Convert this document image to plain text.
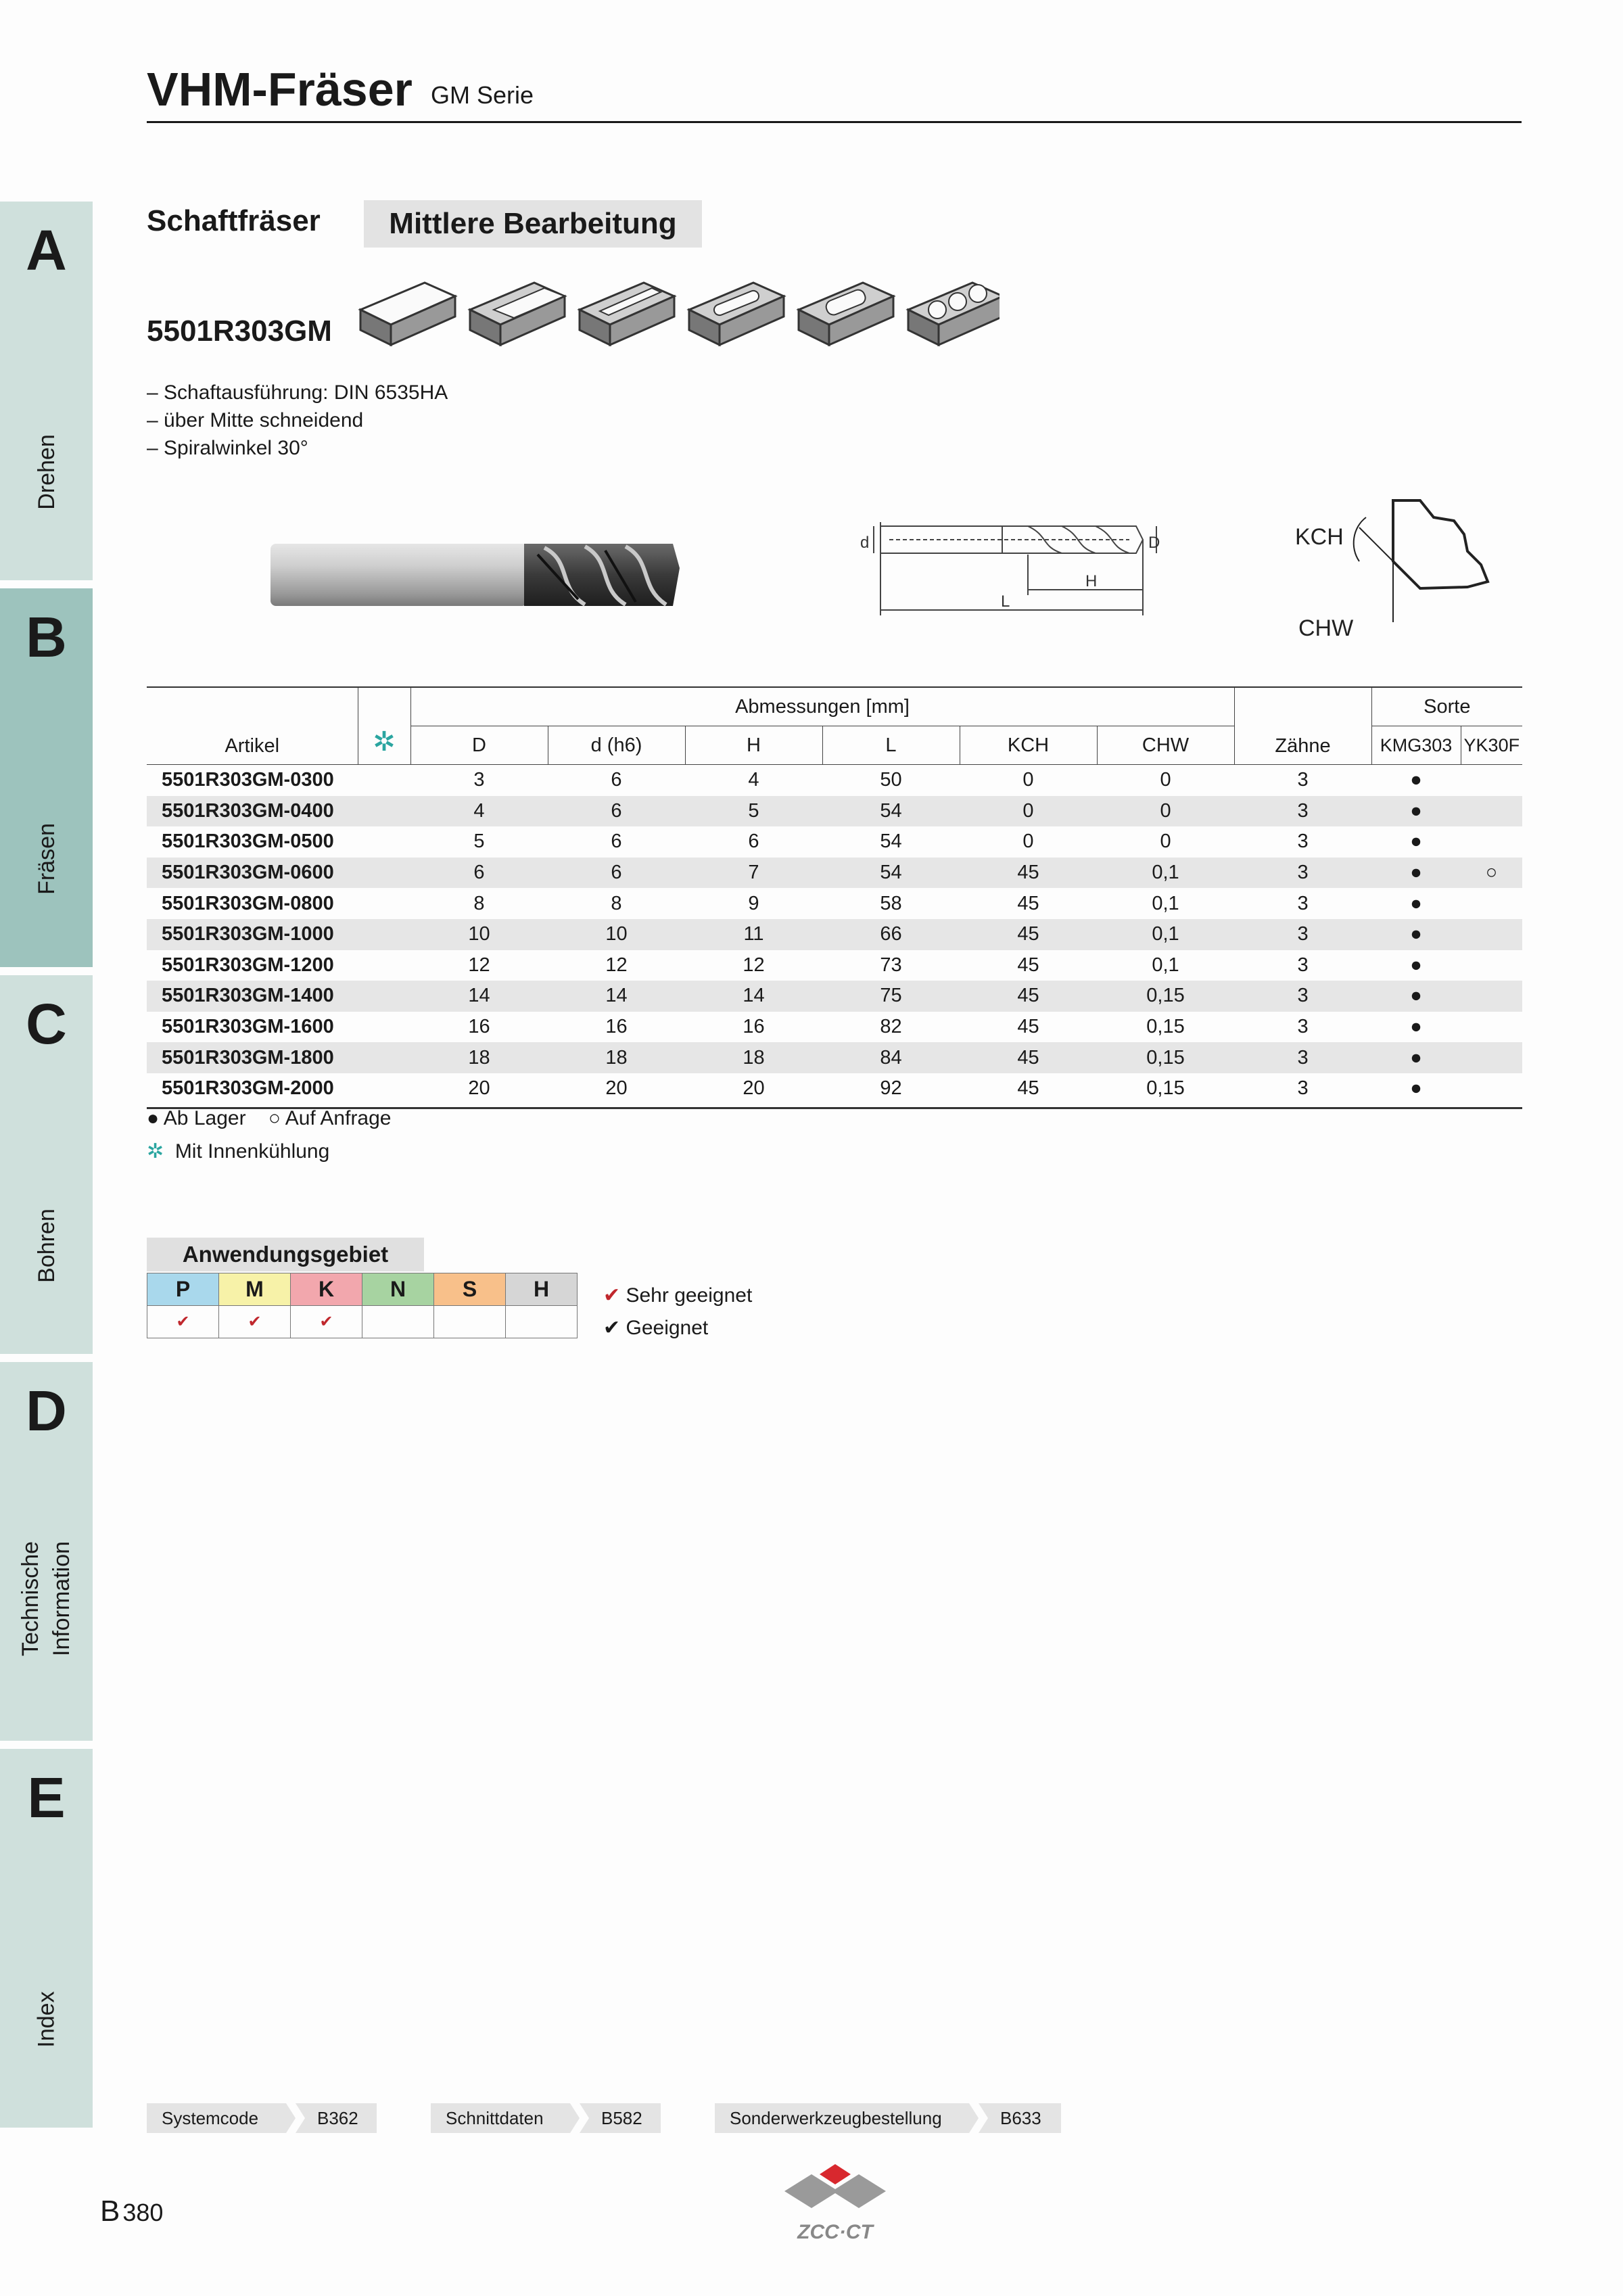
A
Drehen
B
Fräsen
C
Bohren
D
Technische Information
E
Index
VHM-Fräser GM Serie
Schaftfräser	Mittlere Bearbeitung
5501R303GM
– Schaftausführung: DIN 6535HA
– über Mitte schneidend
– Spiralwinkel 30°
d	D
H
L
KCH
CHW
Artikel	✲	Abmessungen [mm]						Zähne	Sorte	
		D	d (h6)	H	L	KCH	CHW		KMG303	YK30F
5501R303GM-0300		3	6	4	50	0	0	3	●	
5501R303GM-0400		4	6	5	54	0	0	3	●	
5501R303GM-0500		5	6	6	54	0	0	3	●	
5501R303GM-0600		6	6	7	54	45	0,1	3	●	○
5501R303GM-0800		8	8	9	58	45	0,1	3	●	
5501R303GM-1000		10	10	11	66	45	0,1	3	●	
5501R303GM-1200		12	12	12	73	45	0,1	3	●	
5501R303GM-1400		14	14	14	75	45	0,15	3	●	
5501R303GM-1600		16	16	16	82	45	0,15	3	●	
5501R303GM-1800		18	18	18	84	45	0,15	3	●	
5501R303GM-2000		20	20	20	92	45	0,15	3	●	
● Ab Lager ○ Auf Anfrage
✲ Mit Innenkühlung
Anwendungsgebiet
P	M	K	N	S	H
✔	✔	✔			
✔ Sehr geeignet
✔ Geeignet
Systemcode	B362	Schnittdaten	B582	Sonderwerkzeugbestellung	B633
B 380
ZCC·CT
